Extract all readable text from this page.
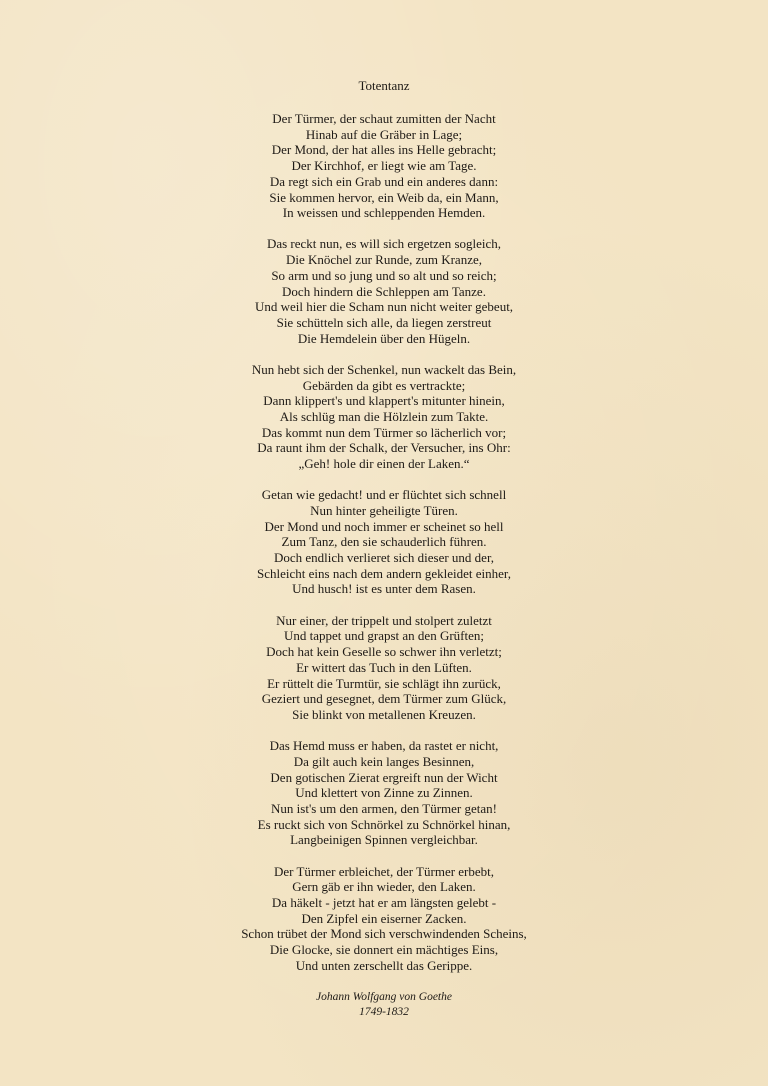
Totentanz
Der Türmer, der schaut zumitten der Nacht
Hinab auf die Gräber in Lage;
Der Mond, der hat alles ins Helle gebracht;
Der Kirchhof, er liegt wie am Tage.
Da regt sich ein Grab und ein anderes dann:
Sie kommen hervor, ein Weib da, ein Mann,
In weissen und schleppenden Hemden.
Das reckt nun, es will sich ergetzen sogleich,
Die Knöchel zur Runde, zum Kranze,
So arm und so jung und so alt und so reich;
Doch hindern die Schleppen am Tanze.
Und weil hier die Scham nun nicht weiter gebeut,
Sie schütteln sich alle, da liegen zerstreut
Die Hemdelein über den Hügeln.
Nun hebt sich der Schenkel, nun wackelt das Bein,
Gebärden da gibt es vertrackte;
Dann klippert's und klappert's mitunter hinein,
Als schlüg man die Hölzlein zum Takte.
Das kommt nun dem Türmer so lächerlich vor;
Da raunt ihm der Schalk, der Versucher, ins Ohr:
„Geh! hole dir einen der Laken.“
Getan wie gedacht! und er flüchtet sich schnell
Nun hinter geheiligte Türen.
Der Mond und noch immer er scheinet so hell
Zum Tanz, den sie schauderlich führen.
Doch endlich verlieret sich dieser und der,
Schleicht eins nach dem andern gekleidet einher,
Und husch! ist es unter dem Rasen.
Nur einer, der trippelt und stolpert zuletzt
Und tappet und grapst an den Grüften;
Doch hat kein Geselle so schwer ihn verletzt;
Er wittert das Tuch in den Lüften.
Er rüttelt die Turmtür, sie schlägt ihn zurück,
Geziert und gesegnet, dem Türmer zum Glück,
Sie blinkt von metallenen Kreuzen.
Das Hemd muss er haben, da rastet er nicht,
Da gilt auch kein langes Besinnen,
Den gotischen Zierat ergreift nun der Wicht
Und klettert von Zinne zu Zinnen.
Nun ist's um den armen, den Türmer getan!
Es ruckt sich von Schnörkel zu Schnörkel hinan,
Langbeinigen Spinnen vergleichbar.
Der Türmer erbleichet, der Türmer erbebt,
Gern gäb er ihn wieder, den Laken.
Da häkelt - jetzt hat er am längsten gelebt -
Den Zipfel ein eiserner Zacken.
Schon trübet der Mond sich verschwindenden Scheins,
Die Glocke, sie donnert ein mächtiges Eins,
Und unten zerschellt das Gerippe.
Johann Wolfgang von Goethe
1749-1832
